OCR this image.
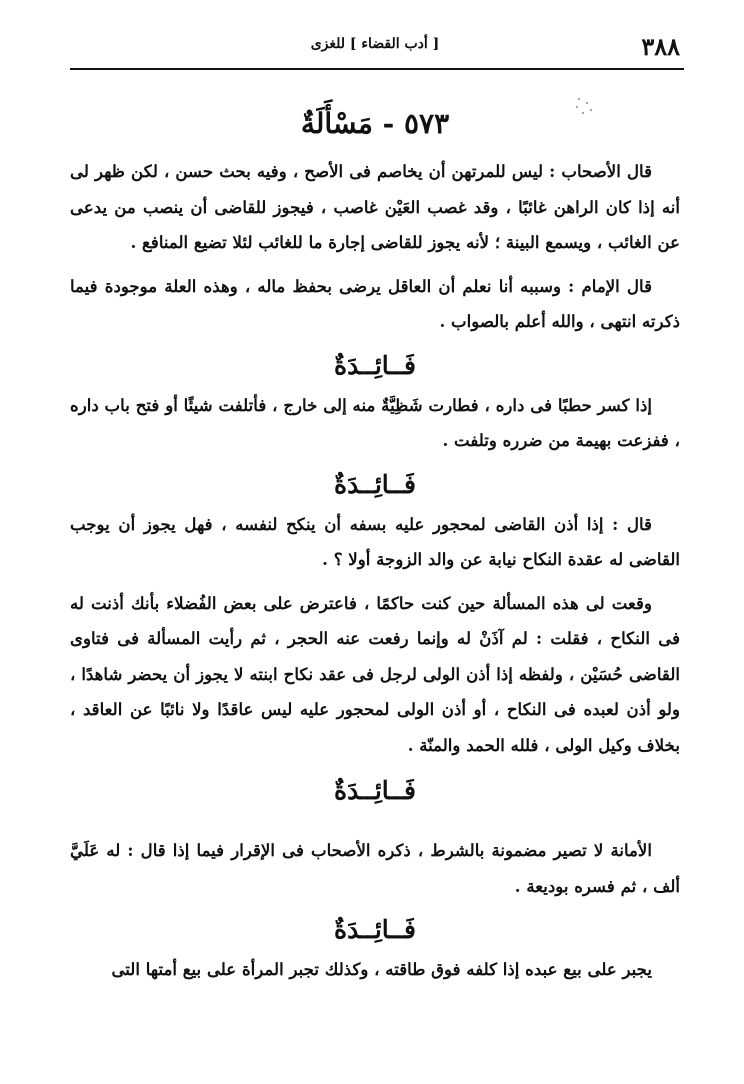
٣٨٨
[ أدب القضاء ] للغزى
٥٧٣ - مَسْأَلَةٌ

قال الأصحاب : ليس للمرتهن أن يخاصم فى الأصح ، وفيه بحث حسن ، لكن ظهر لى أنه إذا كان الراهن غائبًا ، وقد غصب العَيْن غاصب ، فيجوز للقاضى أن ينصب من يدعى عن الغائب ، ويسمع البينة ؛ لأنه يجوز للقاضى إجارة ما للغائب لئلا تضيع المنافع .

قال الإمام : وسببه أنا نعلم أن العاقل يرضى بحفظ ماله ، وهذه العلة موجودة فيما ذكرته انتهى ، والله أعلم بالصواب .

فَــائِــدَةٌ

إذا كسر حطبًا فى داره ، فطارت شَظِيَّةٌ منه إلى خارج ، فأتلفت شيئًا أو فتح باب داره ، ففزعت بهيمة من ضرره وتلفت .

فَــائِــدَةٌ

قال : إذا أذن القاضى لمحجور عليه بسفه أن ينكح لنفسه ، فهل يجوز أن يوجب القاضى له عقدة النكاح نيابة عن والد الزوجة أولا ؟ .

وقعت لى هذه المسألة حين كنت حاكمًا ، فاعترض على بعض الفُضلاء بأنك أذنت له فى النكاح ، فقلت : لم آذَنْ له وإنما رفعت عنه الحجر ، ثم رأيت المسألة فى فتاوى القاضى حُسَيْن ، ولفظه إذا أذن الولى لرجل فى عقد نكاح ابنته لا يجوز أن يحضر شاهدًا ، ولو أذن لعبده فى النكاح ، أو أذن الولى لمحجور عليه ليس عاقدًا ولا نائبًا عن العاقد ، بخلاف وكيل الولى ، فلله الحمد والمنّة .

فَــائِــدَةٌ

الأمانة لا تصير مضمونة بالشرط ، ذكره الأصحاب فى الإقرار فيما إذا قال : له عَلَيَّ ألف ، ثم فسره بوديعة .

فَــائِــدَةٌ

يجبر على بيع عبده إذا كلفه فوق طاقته ، وكذلك تجبر المرأة على بيع أمتها التى
